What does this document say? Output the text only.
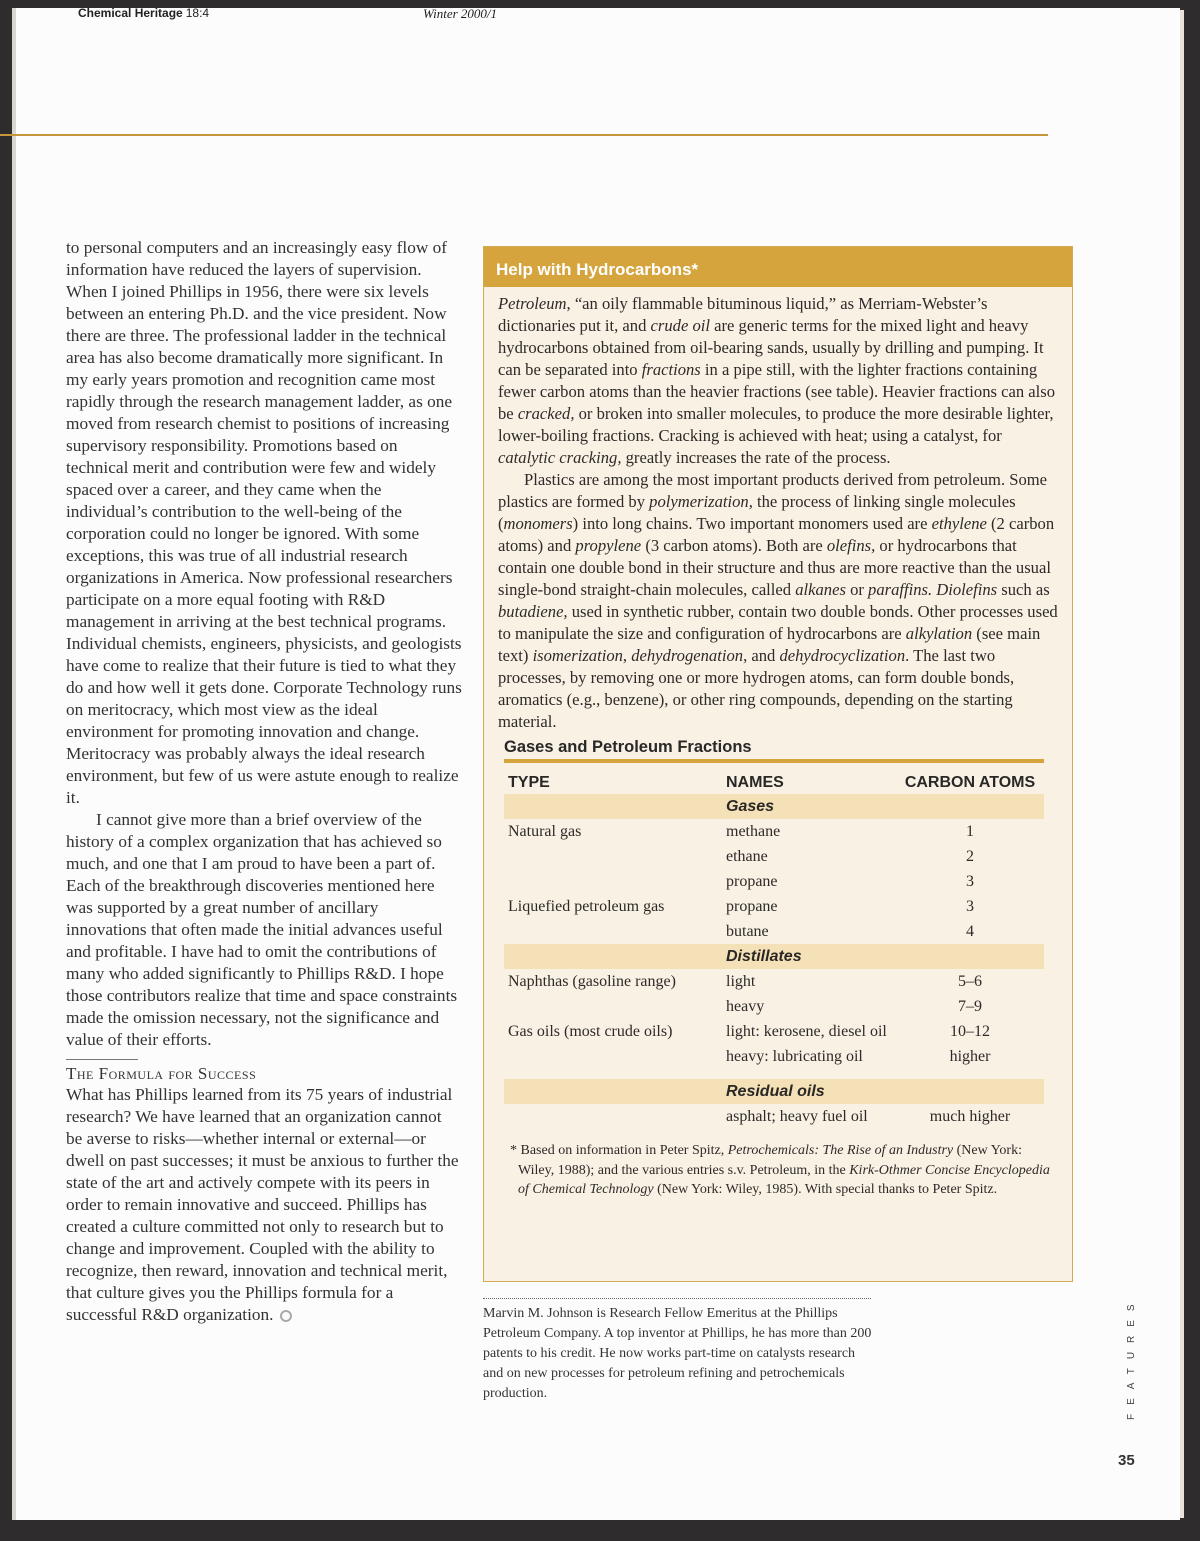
Chemical Heritage 18:4	Winter 2000/1

to personal computers and an increasingly easy flow of information have reduced the layers of supervision. When I joined Phillips in 1956, there were six levels between an entering Ph.D. and the vice president. Now there are three. The professional ladder in the technical area has also become dramatically more significant. In my early years promotion and recognition came most rapidly through the research management ladder, as one moved from research chemist to positions of increasing supervisory responsibility. Promotions based on technical merit and contribution were few and widely spaced over a career, and they came when the individual’s contribution to the well-being of the corporation could no longer be ignored. With some exceptions, this was true of all industrial research organizations in America. Now professional researchers participate on a more equal footing with R&D management in arriving at the best technical programs. Individual chemists, engineers, physicists, and geologists have come to realize that their future is tied to what they do and how well it gets done. Corporate Technology runs on meritocracy, which most view as the ideal environment for promoting innovation and change. Meritocracy was probably always the ideal research environment, but few of us were astute enough to realize it.

I cannot give more than a brief overview of the history of a complex organization that has achieved so much, and one that I am proud to have been a part of. Each of the breakthrough discoveries mentioned here was supported by a great number of ancillary innovations that often made the initial advances useful and profitable. I have had to omit the contributions of many who added significantly to Phillips R&D. I hope those contributors realize that time and space constraints made the omission necessary, not the significance and value of their efforts.

The Formula for Success

What has Phillips learned from its 75 years of industrial research? We have learned that an organization cannot be averse to risks—whether internal or external—or dwell on past successes; it must be anxious to further the state of the art and actively compete with its peers in order to remain innovative and succeed. Phillips has created a culture committed not only to research but to change and improvement. Coupled with the ability to recognize, then reward, innovation and technical merit, that culture gives you the Phillips formula for a successful R&D organization.

Help with Hydrocarbons*

Petroleum, “an oily flammable bituminous liquid,” as Merriam-Webster’s dictionaries put it, and crude oil are generic terms for the mixed light and heavy hydrocarbons obtained from oil-bearing sands, usually by drilling and pumping. It can be separated into fractions in a pipe still, with the lighter fractions containing fewer carbon atoms than the heavier fractions (see table). Heavier fractions can also be cracked, or broken into smaller molecules, to produce the more desirable lighter, lower-boiling fractions. Cracking is achieved with heat; using a catalyst, for catalytic cracking, greatly increases the rate of the process.

Plastics are among the most important products derived from petroleum. Some plastics are formed by polymerization, the process of linking single molecules (monomers) into long chains. Two important monomers used are ethylene (2 carbon atoms) and propylene (3 carbon atoms). Both are olefins, or hydrocarbons that contain one double bond in their structure and thus are more reactive than the usual single-bond straight-chain molecules, called alkanes or paraffins. Diolefins such as butadiene, used in synthetic rubber, contain two double bonds. Other processes used to manipulate the size and configuration of hydrocarbons are alkylation (see main text) isomerization, dehydrogenation, and dehydrocyclization. The last two processes, by removing one or more hydrogen atoms, can form double bonds, aromatics (e.g., benzene), or other ring compounds, depending on the starting material.

Gases and Petroleum Fractions
TYPE	NAMES	CARBON ATOMS
	Gases	
Natural gas	methane	1
	ethane	2
	propane	3
Liquefied petroleum gas	propane	3
	butane	4
	Distillates	
Naphthas (gasoline range)	light	5–6
	heavy	7–9
Gas oils (most crude oils)	light: kerosene, diesel oil	10–12
	heavy: lubricating oil	higher

	Residual oils	
	asphalt; heavy fuel oil	much higher
* Based on information in Peter Spitz, Petrochemicals: The Rise of an Industry (New York: Wiley, 1988); and the various entries s.v. Petroleum, in the Kirk-Othmer Concise Encyclopedia of Chemical Technology (New York: Wiley, 1985). With special thanks to Peter Spitz.
Marvin M. Johnson is Research Fellow Emeritus at the Phillips Petroleum Company. A top inventor at Phillips, he has more than 200 patents to his credit. He now works part-time on catalysts research and on new processes for petroleum refining and petrochemicals production.	FEATURES
35
